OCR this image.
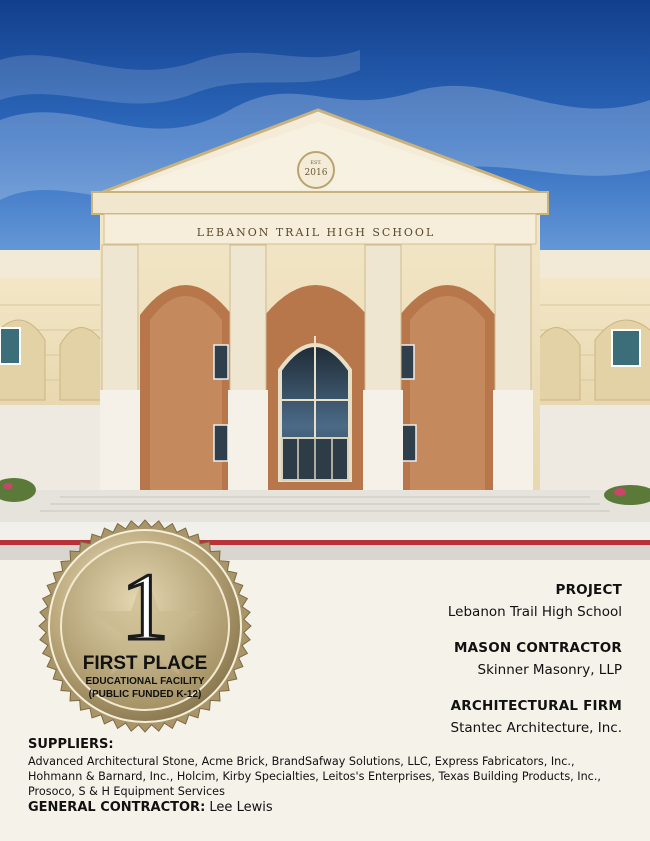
EST.
2016
LEBANON TRAIL HIGH SCHOOL
1
FIRST PLACE
EDUCATIONAL FACILITY
(PUBLIC FUNDED K-12)
PROJECT
Lebanon Trail High School
MASON CONTRACTOR
Skinner Masonry, LLP
ARCHITECTURAL FIRM
Stantec Architecture, Inc.
SUPPLIERS:
Advanced Architectural Stone, Acme Brick, BrandSafway Solutions, LLC, Express Fabricators, Inc.,
Hohmann & Barnard, Inc., Holcim, Kirby Specialties, Leitos's Enterprises, Texas Building Products, Inc.,
Prosoco, S & H Equipment Services
GENERAL CONTRACTOR: Lee Lewis
